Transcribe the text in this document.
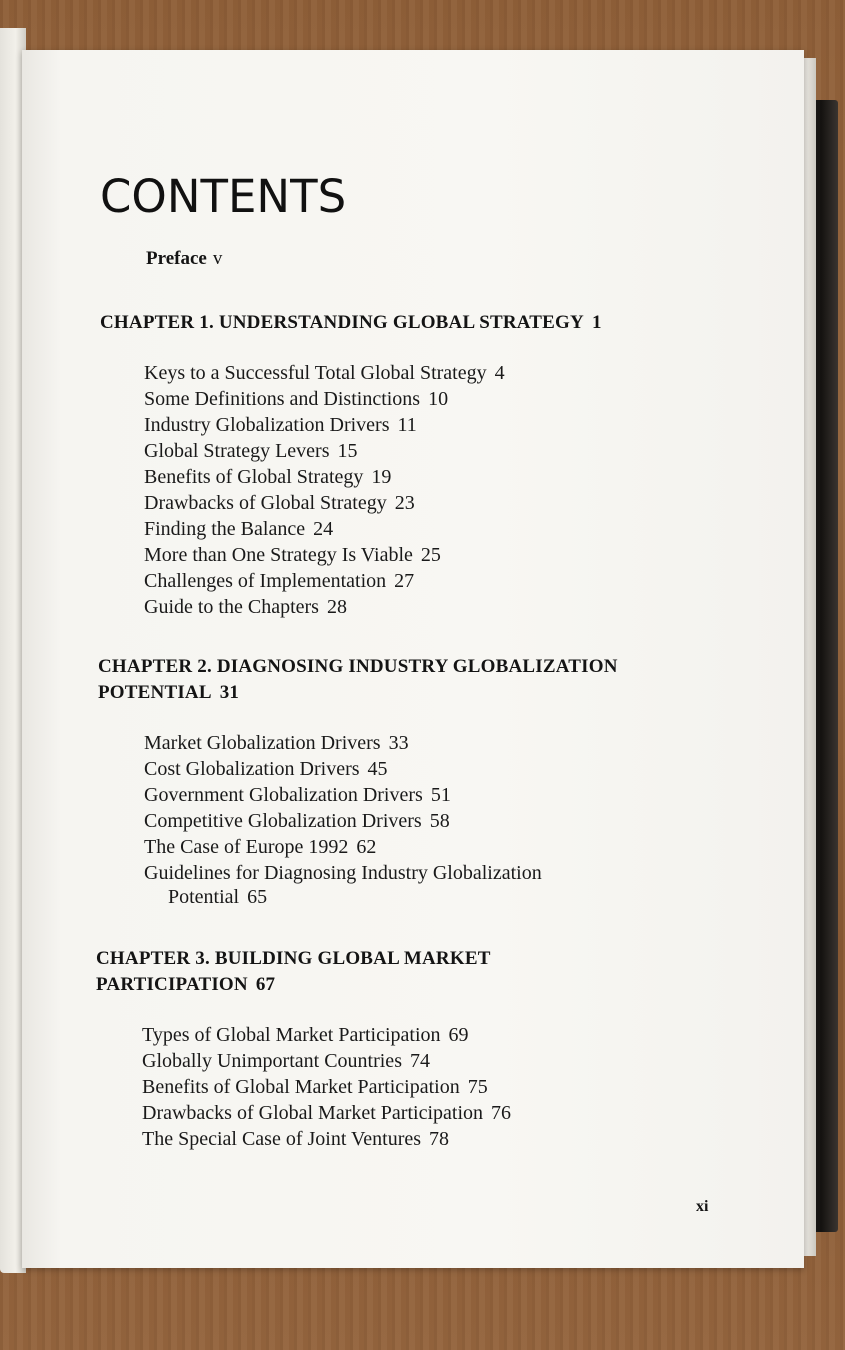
CONTENTS
Preface v
CHAPTER 1. UNDERSTANDING GLOBAL STRATEGY 1
Keys to a Successful Total Global Strategy 4
Some Definitions and Distinctions 10
Industry Globalization Drivers 11
Global Strategy Levers 15
Benefits of Global Strategy 19
Drawbacks of Global Strategy 23
Finding the Balance 24
More than One Strategy Is Viable 25
Challenges of Implementation 27
Guide to the Chapters 28
CHAPTER 2. DIAGNOSING INDUSTRY GLOBALIZATION
POTENTIAL 31
Market Globalization Drivers 33
Cost Globalization Drivers 45
Government Globalization Drivers 51
Competitive Globalization Drivers 58
The Case of Europe 1992 62
Guidelines for Diagnosing Industry Globalization
Potential 65
CHAPTER 3. BUILDING GLOBAL MARKET
PARTICIPATION 67
Types of Global Market Participation 69
Globally Unimportant Countries 74
Benefits of Global Market Participation 75
Drawbacks of Global Market Participation 76
The Special Case of Joint Ventures 78
xi
